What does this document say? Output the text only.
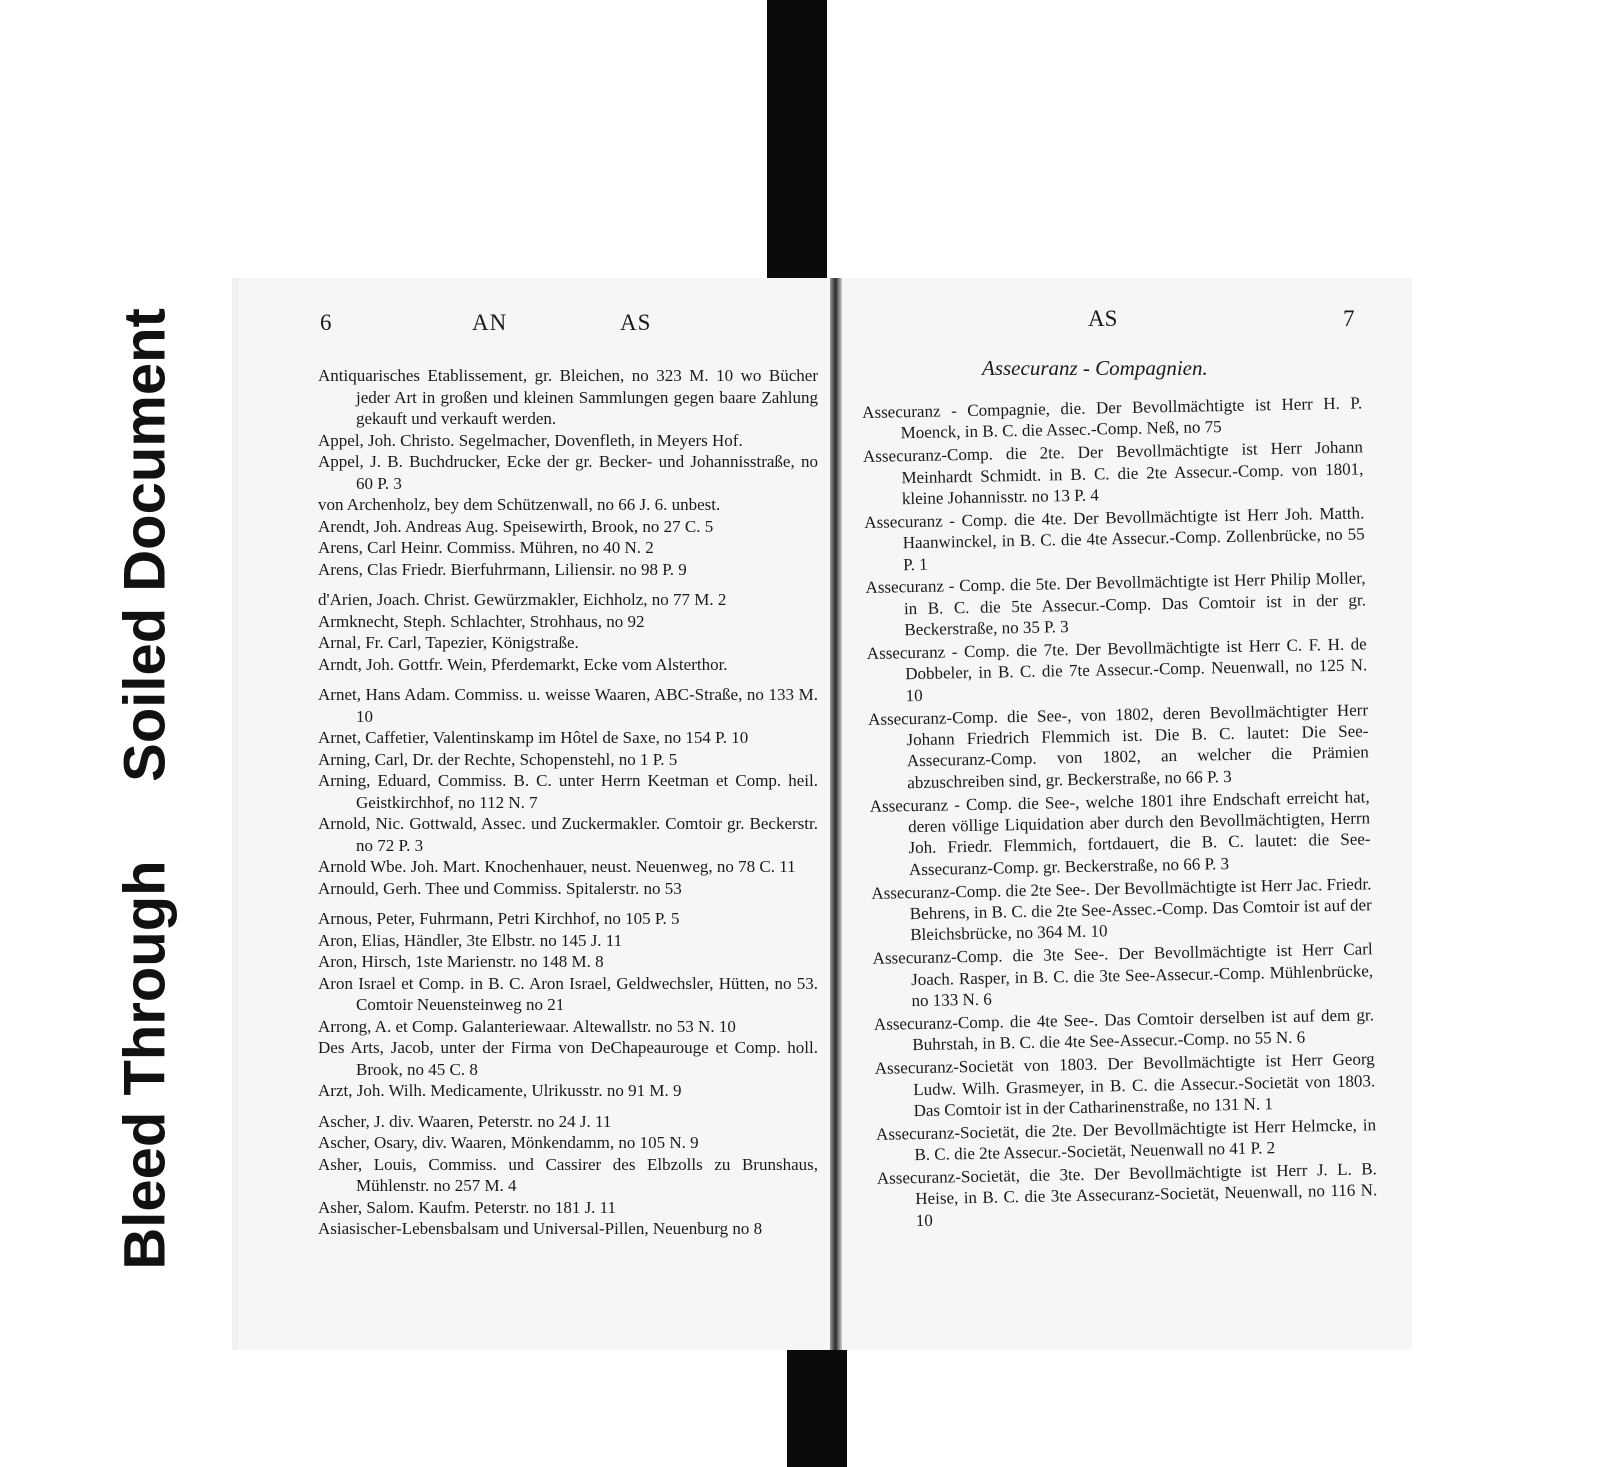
Bleed Through
Soiled Document	6	AN	AS	AS	7
Assecuranz - Compagnien.
Antiquarisches Etablissement, gr. Bleichen, no 323 M. 10 wo Bücher jeder Art in großen und kleinen Sammlungen gegen baare Zahlung gekauft und verkauft werden.
Appel, Joh. Christo. Segelmacher, Dovenfleth, in Meyers Hof.
Appel, J. B. Buchdrucker, Ecke der gr. Becker- und Johannisstraße, no 60 P. 3
von Archenholz, bey dem Schützenwall, no 66 J. 6. unbest.
Arendt, Joh. Andreas Aug. Speisewirth, Brook, no 27 C. 5
Arens, Carl Heinr. Commiss. Mühren, no 40 N. 2
Arens, Clas Friedr. Bierfuhrmann, Liliensir. no 98 P. 9
d'Arien, Joach. Christ. Gewürzmakler, Eichholz, no 77 M. 2
Armknecht, Steph. Schlachter, Strohhaus, no 92
Arnal, Fr. Carl, Tapezier, Königstraße.
Arndt, Joh. Gottfr. Wein, Pferdemarkt, Ecke vom Alsterthor.
Arnet, Hans Adam. Commiss. u. weisse Waaren, ABC-Straße, no 133 M. 10
Arnet, Caffetier, Valentinskamp im Hôtel de Saxe, no 154 P. 10
Arning, Carl, Dr. der Rechte, Schopenstehl, no 1 P. 5
Arning, Eduard, Commiss. B. C. unter Herrn Keetman et Comp. heil. Geistkirchhof, no 112 N. 7
Arnold, Nic. Gottwald, Assec. und Zuckermakler. Comtoir gr. Beckerstr. no 72 P. 3
Arnold Wbe. Joh. Mart. Knochenhauer, neust. Neuenweg, no 78 C. 11
Arnould, Gerh. Thee und Commiss. Spitalerstr. no 53
Arnous, Peter, Fuhrmann, Petri Kirchhof, no 105 P. 5
Aron, Elias, Händler, 3te Elbstr. no 145 J. 11
Aron, Hirsch, 1ste Marienstr. no 148 M. 8
Aron Israel et Comp. in B. C. Aron Israel, Geldwechsler, Hütten, no 53. Comtoir Neuensteinweg no 21
Arrong, A. et Comp. Galanteriewaar. Altewallstr. no 53 N. 10
Des Arts, Jacob, unter der Firma von DeChapeaurouge et Comp. holl. Brook, no 45 C. 8
Arzt, Joh. Wilh. Medicamente, Ulrikusstr. no 91 M. 9
Ascher, J. div. Waaren, Peterstr. no 24 J. 11
Ascher, Osary, div. Waaren, Mönkendamm, no 105 N. 9
Asher, Louis, Commiss. und Cassirer des Elbzolls zu Brunshaus, Mühlenstr. no 257 M. 4
Asher, Salom. Kaufm. Peterstr. no 181 J. 11
Asiasischer-Lebensbalsam und Universal-Pillen, Neuenburg no 8
Assecuranz - Compagnie, die. Der Bevollmächtigte ist Herr H. P. Moenck, in B. C. die Assec.-Comp. Neß, no 75
Assecuranz-Comp. die 2te. Der Bevollmächtigte ist Herr Johann Meinhardt Schmidt. in B. C. die 2te Assecur.-Comp. von 1801, kleine Johannisstr. no 13 P. 4
Assecuranz - Comp. die 4te. Der Bevollmächtigte ist Herr Joh. Matth. Haanwinckel, in B. C. die 4te Assecur.-Comp. Zollenbrücke, no 55 P. 1
Assecuranz - Comp. die 5te. Der Bevollmächtigte ist Herr Philip Moller, in B. C. die 5te Assecur.-Comp. Das Comtoir ist in der gr. Beckerstraße, no 35 P. 3
Assecuranz - Comp. die 7te. Der Bevollmächtigte ist Herr C. F. H. de Dobbeler, in B. C. die 7te Assecur.-Comp. Neuenwall, no 125 N. 10
Assecuranz-Comp. die See-, von 1802, deren Bevollmächtigter Herr Johann Friedrich Flemmich ist. Die B. C. lautet: Die See-Assecuranz-Comp. von 1802, an welcher die Prämien abzuschreiben sind, gr. Beckerstraße, no 66 P. 3
Assecuranz - Comp. die See-, welche 1801 ihre Endschaft erreicht hat, deren völlige Liquidation aber durch den Bevollmächtigten, Herrn Joh. Friedr. Flemmich, fortdauert, die B. C. lautet: die See-Assecuranz-Comp. gr. Beckerstraße, no 66 P. 3
Assecuranz-Comp. die 2te See-. Der Bevollmächtigte ist Herr Jac. Friedr. Behrens, in B. C. die 2te See-Assec.-Comp. Das Comtoir ist auf der Bleichsbrücke, no 364 M. 10
Assecuranz-Comp. die 3te See-. Der Bevollmächtigte ist Herr Carl Joach. Rasper, in B. C. die 3te See-Assecur.-Comp. Mühlenbrücke, no 133 N. 6
Assecuranz-Comp. die 4te See-. Das Comtoir derselben ist auf dem gr. Buhrstah, in B. C. die 4te See-Assecur.-Comp. no 55 N. 6
Assecuranz-Societät von 1803. Der Bevollmächtigte ist Herr Georg Ludw. Wilh. Grasmeyer, in B. C. die Assecur.-Societät von 1803. Das Comtoir ist in der Catharinenstraße, no 131 N. 1
Assecuranz-Societät, die 2te. Der Bevollmächtigte ist Herr Helmcke, in B. C. die 2te Assecur.-Societät, Neuenwall no 41 P. 2
Assecuranz-Societät, die 3te. Der Bevollmächtigte ist Herr J. L. B. Heise, in B. C. die 3te Assecuranz-Societät, Neuenwall, no 116 N. 10
